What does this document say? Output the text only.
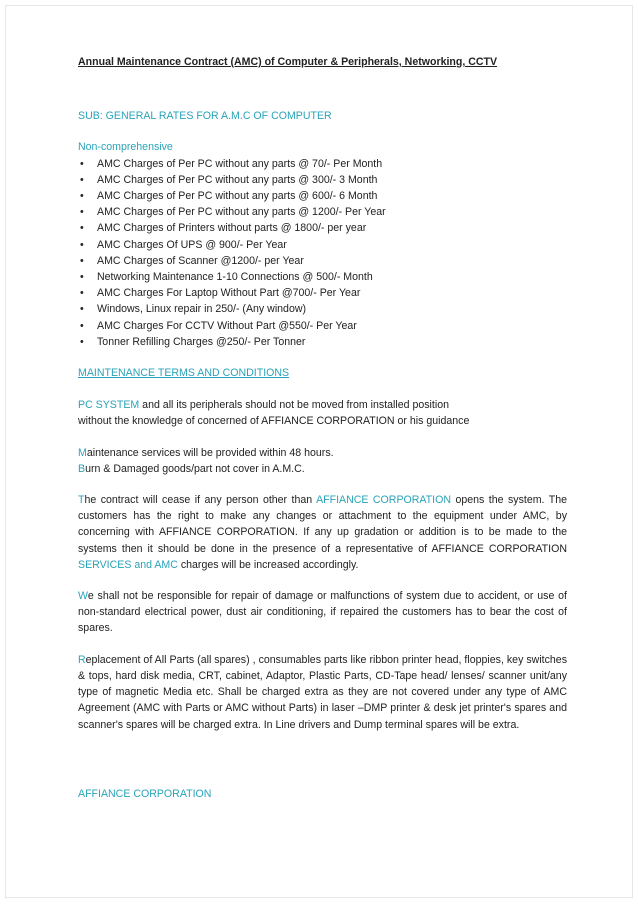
Annual Maintenance Contract (AMC) of Computer & Peripherals, Networking, CCTV

SUB: GENERAL RATES FOR A.M.C OF COMPUTER
Non-comprehensive
• AMC Charges of Per PC without any parts @ 70/- Per Month
• AMC Charges of Per PC without any parts @ 300/- 3 Month
• AMC Charges of Per PC without any parts @ 600/- 6 Month
• AMC Charges of Per PC without any parts @ 1200/- Per Year
• AMC Charges of Printers without parts @ 1800/- per year
• AMC Charges Of UPS @ 900/- Per Year
• AMC Charges of Scanner @1200/- per Year
• Networking Maintenance 1-10 Connections @ 500/- Month
• AMC Charges For Laptop Without Part @700/- Per Year
• Windows, Linux repair in 250/- (Any window)
• AMC Charges For CCTV Without Part @550/- Per Year
• Tonner Refilling Charges @250/- Per Tonner
MAINTENANCE TERMS AND CONDITIONS
PC SYSTEM and all its peripherals should not be moved from installed position
without the knowledge of concerned of AFFIANCE CORPORATION or his guidance
Maintenance services will be provided within 48 hours.
Burn & Damaged goods/part not cover in A.M.C.
The contract will cease if any person other than AFFIANCE CORPORATION opens the system. The customers has the right to make any changes or attachment to the equipment under AMC, by concerning with AFFIANCE CORPORATION. If any up gradation or addition is to be made to the systems then it should be done in the presence of a representative of AFFIANCE CORPORATION SERVICES and AMC charges will be increased accordingly.
We shall not be responsible for repair of damage or malfunctions of system due to accident, or use of non-standard electrical power, dust air conditioning, if repaired the customers has to bear the cost of spares.
Replacement of All Parts (all spares) , consumables parts like ribbon printer head, floppies, key switches & tops, hard disk media, CRT, cabinet, Adaptor, Plastic Parts, CD-Tape head/ lenses/ scanner unit/any type of magnetic Media etc. Shall be charged extra as they are not covered under any type of AMC Agreement (AMC with Parts or AMC without Parts) in laser –DMP printer & desk jet printer's spares and scanner's spares will be charged extra. In Line drivers and Dump terminal spares will be extra.
AFFIANCE CORPORATION
